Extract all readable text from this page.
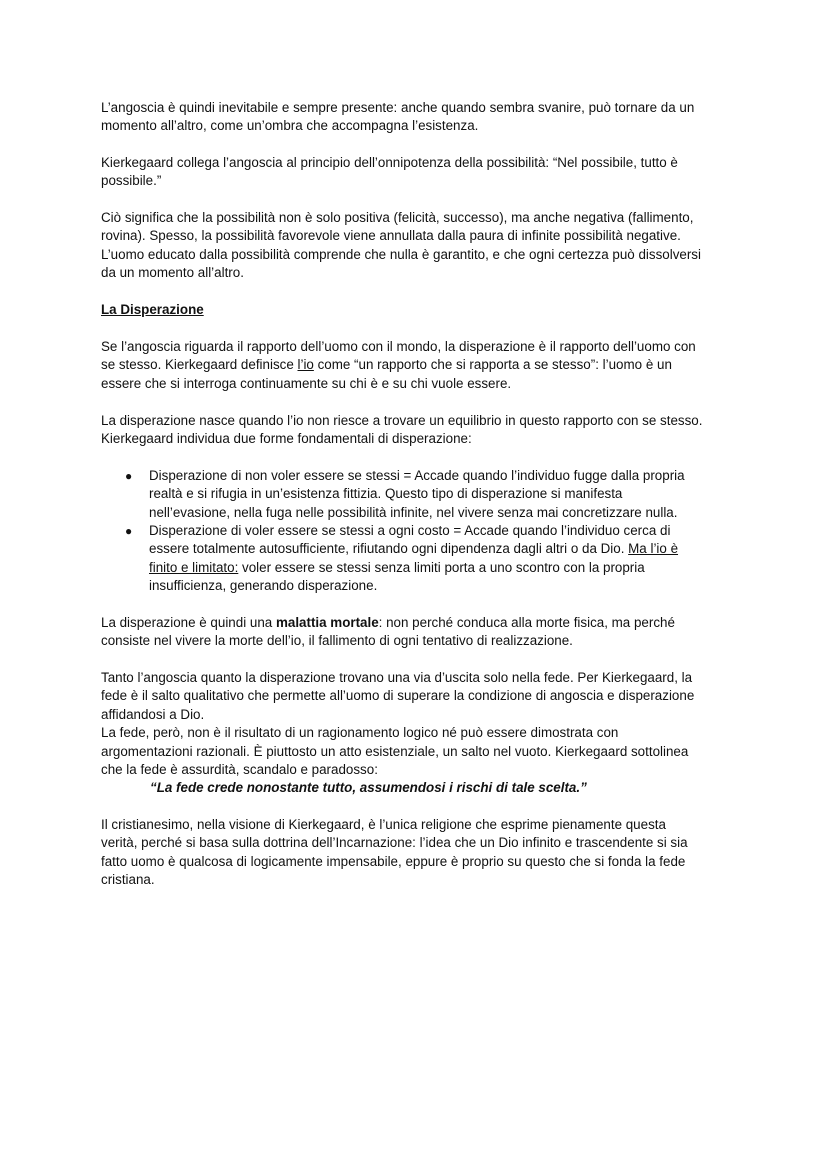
L’angoscia è quindi inevitabile e sempre presente: anche quando sembra svanire, può tornare da un
momento all’altro, come un’ombra che accompagna l’esistenza.
Kierkegaard collega l’angoscia al principio dell’onnipotenza della possibilità: “Nel possibile, tutto è
possibile.”
Ciò significa che la possibilità non è solo positiva (felicità, successo), ma anche negativa (fallimento,
rovina). Spesso, la possibilità favorevole viene annullata dalla paura di infinite possibilità negative.
L’uomo educato dalla possibilità comprende che nulla è garantito, e che ogni certezza può dissolversi
da un momento all’altro.
La Disperazione
Se l’angoscia riguarda il rapporto dell’uomo con il mondo, la disperazione è il rapporto dell’uomo con
se stesso. Kierkegaard definisce l’io come “un rapporto che si rapporta a se stesso”: l’uomo è un
essere che si interroga continuamente su chi è e su chi vuole essere.
La disperazione nasce quando l’io non riesce a trovare un equilibrio in questo rapporto con se stesso.
Kierkegaard individua due forme fondamentali di disperazione:
● Disperazione di non voler essere se stessi = Accade quando l’individuo fugge dalla propria
realtà e si rifugia in un’esistenza fittizia. Questo tipo di disperazione si manifesta
nell’evasione, nella fuga nelle possibilità infinite, nel vivere senza mai concretizzare nulla.
● Disperazione di voler essere se stessi a ogni costo = Accade quando l’individuo cerca di
essere totalmente autosufficiente, rifiutando ogni dipendenza dagli altri o da Dio. Ma l’io è
finito e limitato: voler essere se stessi senza limiti porta a uno scontro con la propria
insufficienza, generando disperazione.
La disperazione è quindi una malattia mortale: non perché conduca alla morte fisica, ma perché
consiste nel vivere la morte dell’io, il fallimento di ogni tentativo di realizzazione.
Tanto l’angoscia quanto la disperazione trovano una via d’uscita solo nella fede. Per Kierkegaard, la
fede è il salto qualitativo che permette all’uomo di superare la condizione di angoscia e disperazione
affidandosi a Dio.
La fede, però, non è il risultato di un ragionamento logico né può essere dimostrata con
argomentazioni razionali. È piuttosto un atto esistenziale, un salto nel vuoto. Kierkegaard sottolinea
che la fede è assurdità, scandalo e paradosso:
“La fede crede nonostante tutto, assumendosi i rischi di tale scelta.”
Il cristianesimo, nella visione di Kierkegaard, è l’unica religione che esprime pienamente questa
verità, perché si basa sulla dottrina dell’Incarnazione: l’idea che un Dio infinito e trascendente si sia
fatto uomo è qualcosa di logicamente impensabile, eppure è proprio su questo che si fonda la fede
cristiana.
